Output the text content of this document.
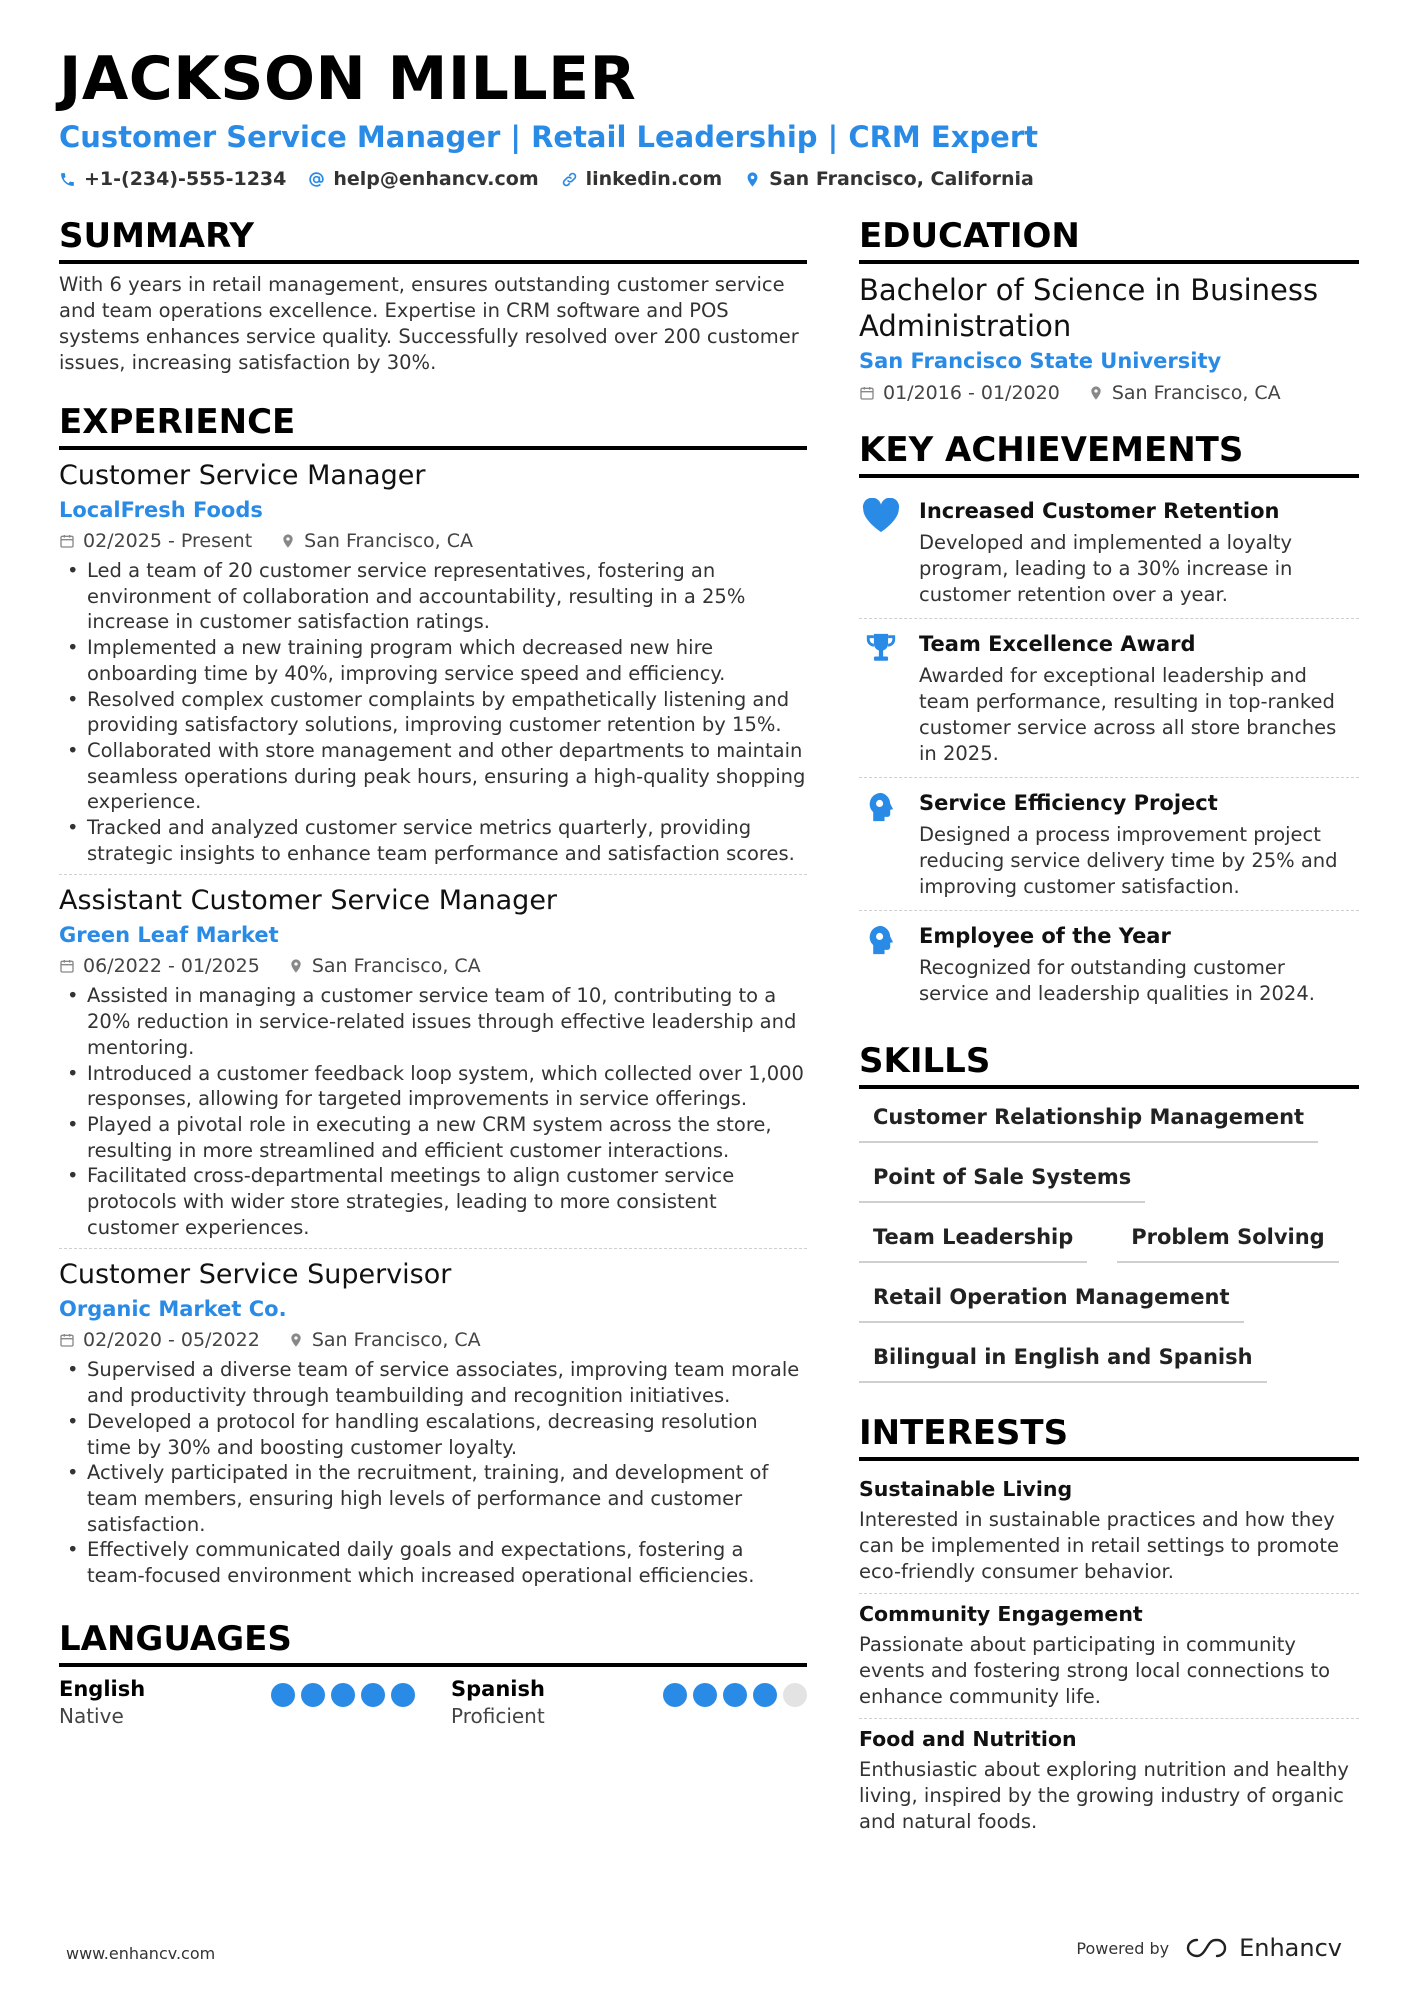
JACKSON MILLER
Customer Service Manager | Retail Leadership | CRM Expert
+1-(234)-555-1234 help@enhancv.com linkedin.com San Francisco, California
SUMMARY
With 6 years in retail management, ensures outstanding customer service and team operations excellence. Expertise in CRM software and POS systems enhances service quality. Successfully resolved over 200 customer issues, increasing satisfaction by 30%.
EXPERIENCE
Customer Service Manager
LocalFresh Foods
02/2025 - Present	San Francisco, CA
• Led a team of 20 customer service representatives, fostering an environment of collaboration and accountability, resulting in a 25% increase in customer satisfaction ratings.
• Implemented a new training program which decreased new hire onboarding time by 40%, improving service speed and efficiency.
• Resolved complex customer complaints by empathetically listening and providing satisfactory solutions, improving customer retention by 15%.
• Collaborated with store management and other departments to maintain seamless operations during peak hours, ensuring a high-quality shopping experience.
• Tracked and analyzed customer service metrics quarterly, providing strategic insights to enhance team performance and satisfaction scores.
Assistant Customer Service Manager
Green Leaf Market
06/2022 - 01/2025	San Francisco, CA
• Assisted in managing a customer service team of 10, contributing to a 20% reduction in service-related issues through effective leadership and mentoring.
• Introduced a customer feedback loop system, which collected over 1,000 responses, allowing for targeted improvements in service offerings.
• Played a pivotal role in executing a new CRM system across the store, resulting in more streamlined and efficient customer interactions.
• Facilitated cross-departmental meetings to align customer service protocols with wider store strategies, leading to more consistent customer experiences.
Customer Service Supervisor
Organic Market Co.
02/2020 - 05/2022	San Francisco, CA
• Supervised a diverse team of service associates, improving team morale and productivity through teambuilding and recognition initiatives.
• Developed a protocol for handling escalations, decreasing resolution time by 30% and boosting customer loyalty.
• Actively participated in the recruitment, training, and development of team members, ensuring high levels of performance and customer satisfaction.
• Effectively communicated daily goals and expectations, fostering a team-focused environment which increased operational efficiencies.
LANGUAGES
English
Native
Spanish
Proficient
EDUCATION
Bachelor of Science in Business Administration
San Francisco State University
01/2016 - 01/2020	San Francisco, CA
KEY ACHIEVEMENTS
Increased Customer Retention
Developed and implemented a loyalty program, leading to a 30% increase in customer retention over a year.
Team Excellence Award
Awarded for exceptional leadership and team performance, resulting in top-ranked customer service across all store branches in 2025.
Service Efficiency Project
Designed a process improvement project reducing service delivery time by 25% and improving customer satisfaction.
Employee of the Year
Recognized for outstanding customer service and leadership qualities in 2024.
SKILLS
Customer Relationship Management
Point of Sale Systems
Team Leadership	Problem Solving
Retail Operation Management
Bilingual in English and Spanish
INTERESTS
Sustainable Living
Interested in sustainable practices and how they can be implemented in retail settings to promote eco-friendly consumer behavior.
Community Engagement
Passionate about participating in community events and fostering strong local connections to enhance community life.
Food and Nutrition
Enthusiastic about exploring nutrition and healthy living, inspired by the growing industry of organic and natural foods.
www.enhancv.com	Powered by	Enhancv
